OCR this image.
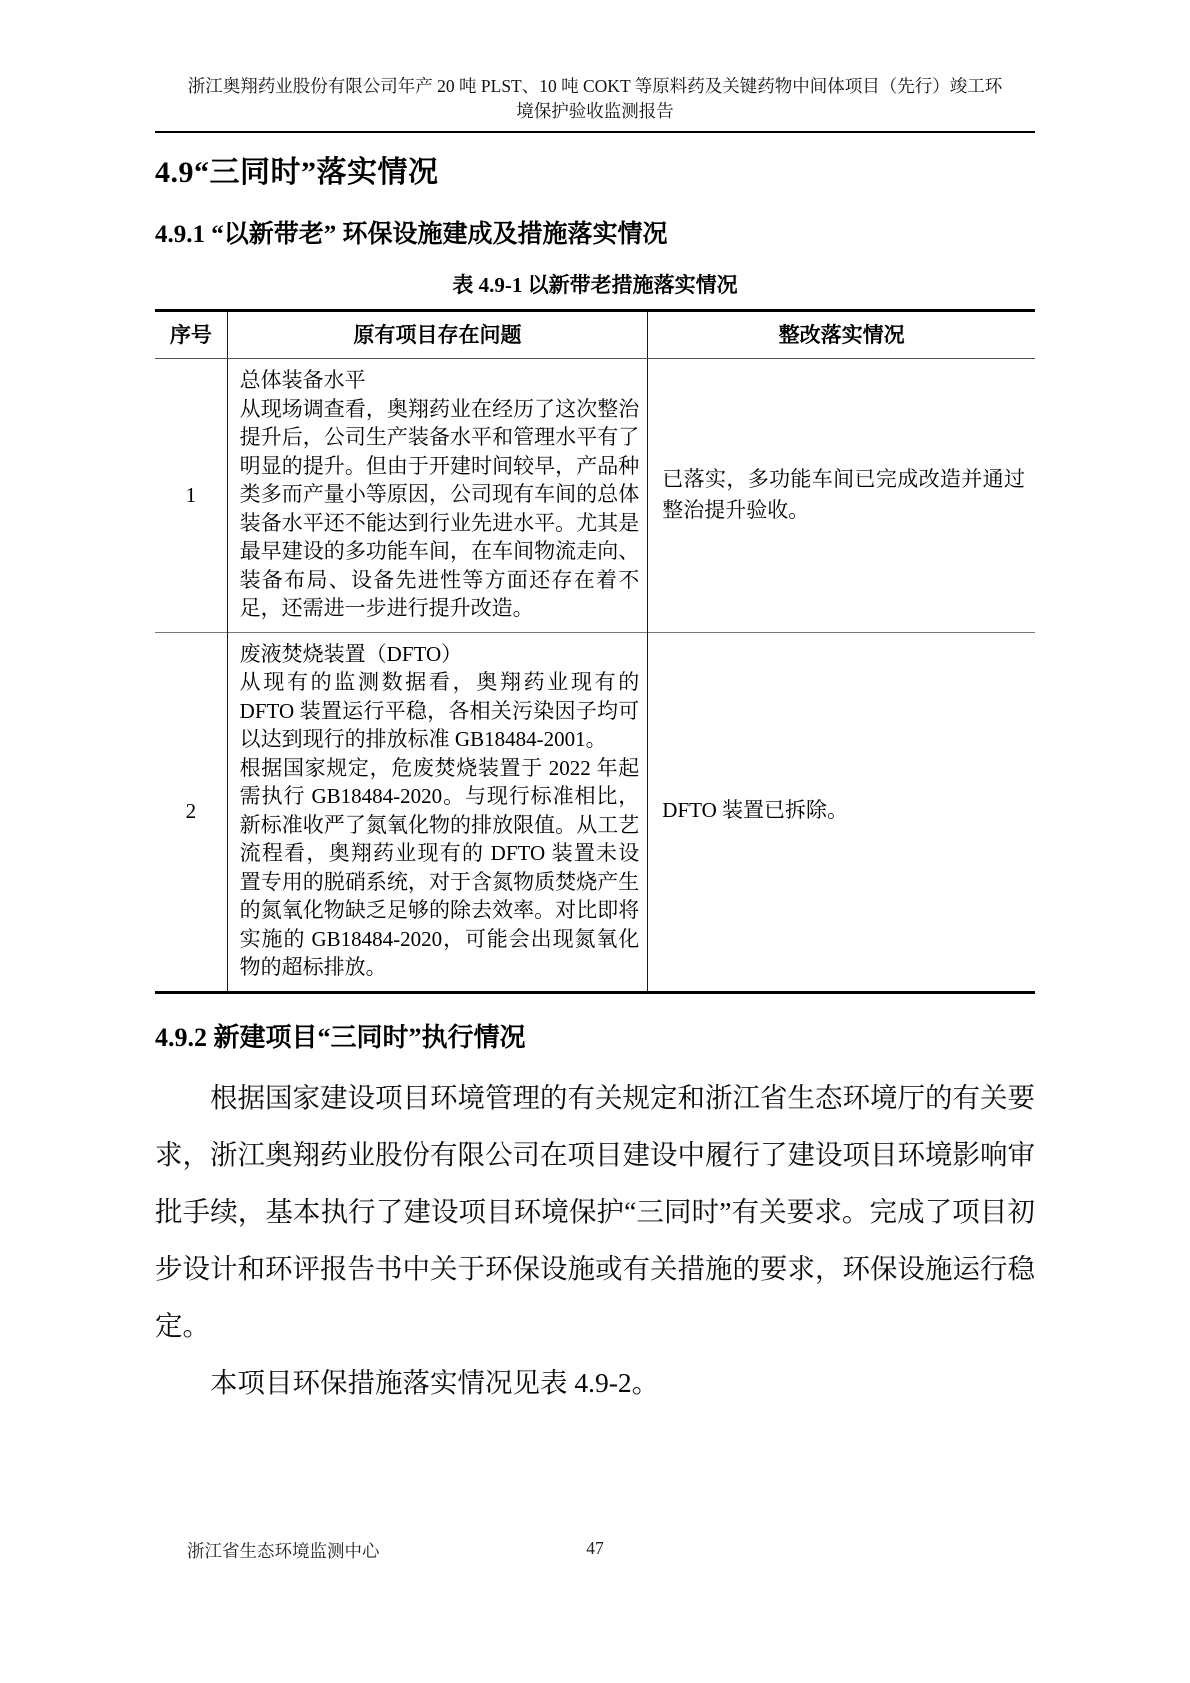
浙江奥翔药业股份有限公司年产 20 吨 PLST、10 吨 COKT 等原料药及关键药物中间体项目（先行）竣工环
境保护验收监测报告
4.9“三同时”落实情况
4.9.1 “以新带老” 环保设施建成及措施落实情况
表 4.9-1 以新带老措施落实情况
序号	原有项目存在问题	整改落实情况
1	总体装备水平

从现场调查看，奥翔药业在经历了这次整治提升后，公司生产装备水平和管理水平有了明显的提升。但由于开建时间较早，产品种类多而产量小等原因，公司现有车间的总体装备水平还不能达到行业先进水平。尤其是最早建设的多功能车间，在车间物流走向、装备布局、设备先进性等方面还存在着不足，还需进一步进行提升改造。	已落实，多功能车间已完成改造并通过整治提升验收。

2	废液焚烧装置（DFTO）

从现有的监测数据看，奥翔药业现有的 DFTO 装置运行平稳，各相关污染因子均可以达到现行的排放标准 GB18484-2001。

根据国家规定，危废焚烧装置于 2022 年起需执行 GB18484-2020。与现行标准相比，新标准收严了氮氧化物的排放限值。从工艺流程看，奥翔药业现有的 DFTO 装置未设置专用的脱硝系统，对于含氮物质焚烧产生的氮氧化物缺乏足够的除去效率。对比即将实施的 GB18484-2020，可能会出现氮氧化物的超标排放。	DFTO 装置已拆除。

4.9.2 新建项目“三同时”执行情况

根据国家建设项目环境管理的有关规定和浙江省生态环境厅的有关要求，浙江奥翔药业股份有限公司在项目建设中履行了建设项目环境影响审批手续，基本执行了建设项目环境保护“三同时”有关要求。完成了项目初步设计和环评报告书中关于环保设施或有关措施的要求，环保设施运行稳定。

本项目环保措施落实情况见表 4.9-2。

浙江省生态环境监测中心	47
